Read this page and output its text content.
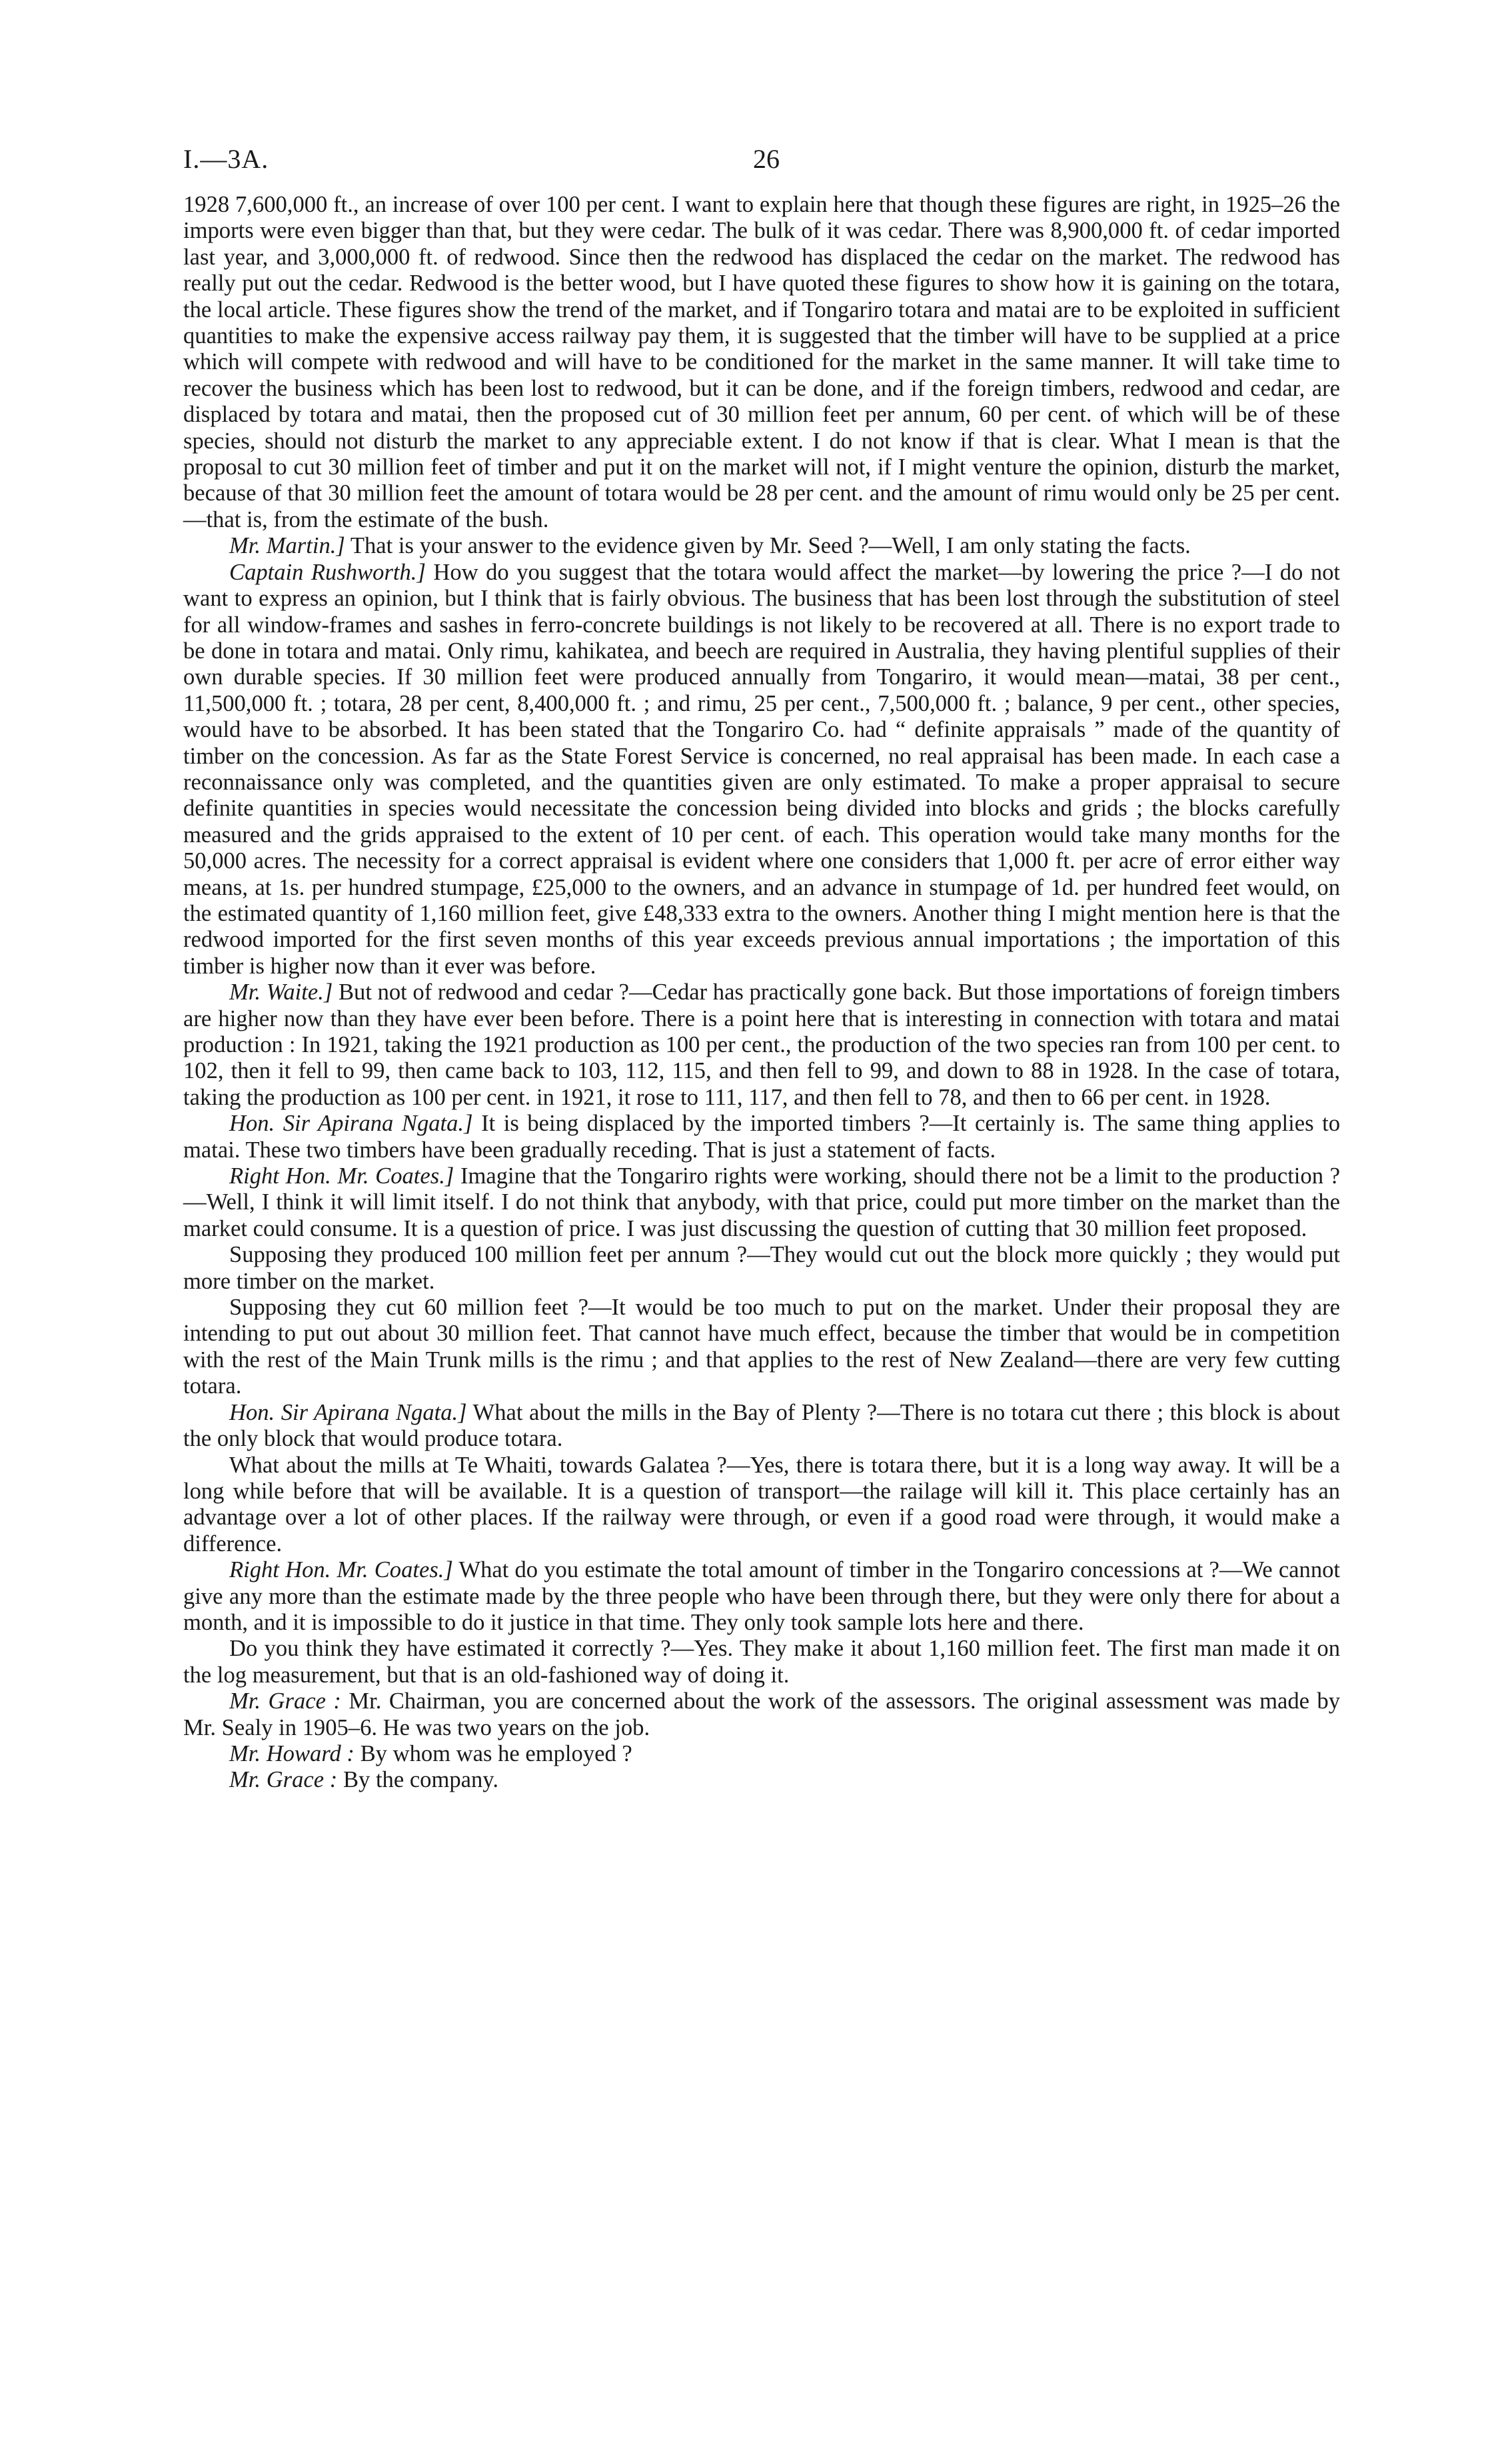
I.—3A.	26

1928 7,600,000 ft., an increase of over 100 per cent. I want to explain here that though these figures are right, in 1925–26 the imports were even bigger than that, but they were cedar. The bulk of it was cedar. There was 8,900,000 ft. of cedar imported last year, and 3,000,000 ft. of redwood. Since then the redwood has displaced the cedar on the market. The redwood has really put out the cedar. Redwood is the better wood, but I have quoted these figures to show how it is gaining on the totara, the local article. These figures show the trend of the market, and if Tongariro totara and matai are to be exploited in sufficient quantities to make the expensive access railway pay them, it is suggested that the timber will have to be supplied at a price which will compete with redwood and will have to be conditioned for the market in the same manner. It will take time to recover the business which has been lost to redwood, but it can be done, and if the foreign timbers, redwood and cedar, are displaced by totara and matai, then the proposed cut of 30 million feet per annum, 60 per cent. of which will be of these species, should not disturb the market to any appreciable extent. I do not know if that is clear. What I mean is that the proposal to cut 30 million feet of timber and put it on the market will not, if I might venture the opinion, disturb the market, because of that 30 million feet the amount of totara would be 28 per cent. and the amount of rimu would only be 25 per cent.—that is, from the estimate of the bush.

Mr. Martin.] That is your answer to the evidence given by Mr. Seed ?—Well, I am only stating the facts.

Captain Rushworth.] How do you suggest that the totara would affect the market—by lowering the price ?—I do not want to express an opinion, but I think that is fairly obvious. The business that has been lost through the substitution of steel for all window-frames and sashes in ferro-concrete buildings is not likely to be recovered at all. There is no export trade to be done in totara and matai. Only rimu, kahikatea, and beech are required in Australia, they having plentiful supplies of their own durable species. If 30 million feet were produced annually from Tongariro, it would mean—matai, 38 per cent., 11,500,000 ft. ; totara, 28 per cent, 8,400,000 ft. ; and rimu, 25 per cent., 7,500,000 ft. ; balance, 9 per cent., other species, would have to be absorbed. It has been stated that the Tongariro Co. had “ definite appraisals ” made of the quantity of timber on the concession. As far as the State Forest Service is concerned, no real appraisal has been made. In each case a reconnaissance only was completed, and the quantities given are only estimated. To make a proper appraisal to secure definite quantities in species would necessitate the concession being divided into blocks and grids ; the blocks carefully measured and the grids appraised to the extent of 10 per cent. of each. This operation would take many months for the 50,000 acres. The necessity for a correct appraisal is evident where one considers that 1,000 ft. per acre of error either way means, at 1s. per hundred stumpage, £25,000 to the owners, and an advance in stumpage of 1d. per hundred feet would, on the estimated quantity of 1,160 million feet, give £48,333 extra to the owners. Another thing I might mention here is that the redwood imported for the first seven months of this year exceeds previous annual importations ; the importation of this timber is higher now than it ever was before.

Mr. Waite.] But not of redwood and cedar ?—Cedar has practically gone back. But those importations of foreign timbers are higher now than they have ever been before. There is a point here that is interesting in connection with totara and matai production : In 1921, taking the 1921 production as 100 per cent., the production of the two species ran from 100 per cent. to 102, then it fell to 99, then came back to 103, 112, 115, and then fell to 99, and down to 88 in 1928. In the case of totara, taking the production as 100 per cent. in 1921, it rose to 111, 117, and then fell to 78, and then to 66 per cent. in 1928.

Hon. Sir Apirana Ngata.] It is being displaced by the imported timbers ?—It certainly is. The same thing applies to matai. These two timbers have been gradually receding. That is just a statement of facts.

Right Hon. Mr. Coates.] Imagine that the Tongariro rights were working, should there not be a limit to the production ?—Well, I think it will limit itself. I do not think that anybody, with that price, could put more timber on the market than the market could consume. It is a question of price. I was just discussing the question of cutting that 30 million feet proposed.

Supposing they produced 100 million feet per annum ?—They would cut out the block more quickly ; they would put more timber on the market.

Supposing they cut 60 million feet ?—It would be too much to put on the market. Under their proposal they are intending to put out about 30 million feet. That cannot have much effect, because the timber that would be in competition with the rest of the Main Trunk mills is the rimu ; and that applies to the rest of New Zealand—there are very few cutting totara.

Hon. Sir Apirana Ngata.] What about the mills in the Bay of Plenty ?—There is no totara cut there ; this block is about the only block that would produce totara.

What about the mills at Te Whaiti, towards Galatea ?—Yes, there is totara there, but it is a long way away. It will be a long while before that will be available. It is a question of transport—the railage will kill it. This place certainly has an advantage over a lot of other places. If the railway were through, or even if a good road were through, it would make a difference.

Right Hon. Mr. Coates.] What do you estimate the total amount of timber in the Tongariro concessions at ?—We cannot give any more than the estimate made by the three people who have been through there, but they were only there for about a month, and it is impossible to do it justice in that time. They only took sample lots here and there.

Do you think they have estimated it correctly ?—Yes. They make it about 1,160 million feet. The first man made it on the log measurement, but that is an old-fashioned way of doing it.

Mr. Grace : Mr. Chairman, you are concerned about the work of the assessors. The original assessment was made by Mr. Sealy in 1905–6. He was two years on the job.

Mr. Howard : By whom was he employed ?

Mr. Grace : By the company.
